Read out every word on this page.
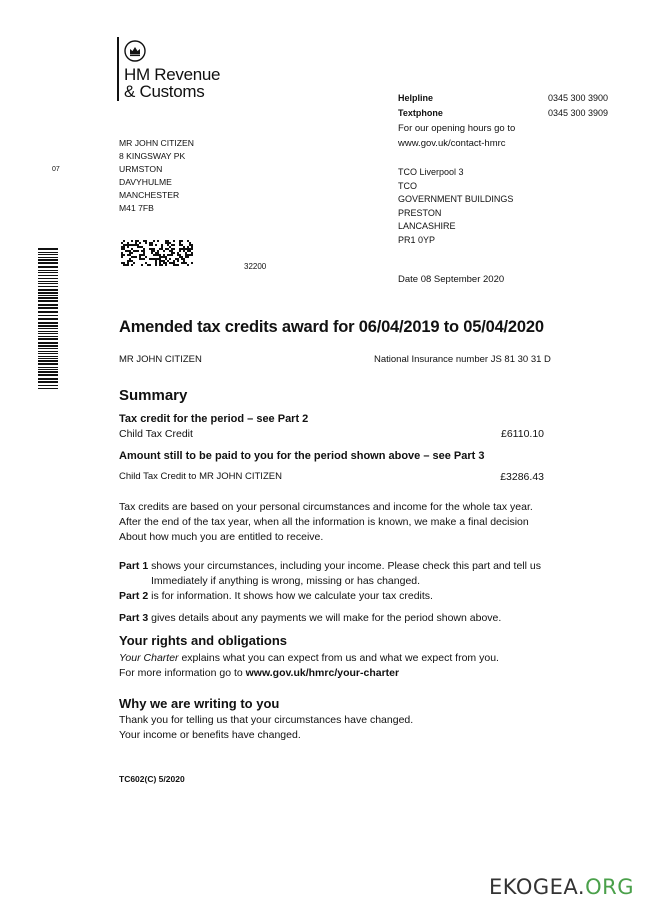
HM Revenue
& Customs
07
MR JOHN CITIZEN
8 KINGSWAY PK
URMSTON
DAVYHULME
MANCHESTER
M41 7FB
32200
Helpline	0345 300 3900
Textphone	0345 300 3909
For our opening hours go to
www.gov.uk/contact-hmrc
TCO Liverpool 3
TCO
GOVERNMENT BUILDINGS
PRESTON
LANCASHIRE
PR1 0YP
Date 08 September 2020
Amended tax credits award for 06/04/2019 to 05/04/2020
MR JOHN CITIZEN	National Insurance number JS 81 30 31 D
Summary
Tax credit for the period – see Part 2
Child Tax Credit	£6110.10
Amount still to be paid to you for the period shown above – see Part 3
Child Tax Credit to MR JOHN CITIZEN	£3286.43
Tax credits are based on your personal circumstances and income for the whole tax year.
After the end of the tax year, when all the information is known, we make a final decision
About how much you are entitled to receive.
Part 1 shows your circumstances, including your income. Please check this part and tell us
Immediately if anything is wrong, missing or has changed.
Part 2 is for information. It shows how we calculate your tax credits.
Part 3 gives details about any payments we will make for the period shown above.
Your rights and obligations
Your Charter explains what you can expect from us and what we expect from you.
For more information go to www.gov.uk/hmrc/your-charter
Why we are writing to you
Thank you for telling us that your circumstances have changed.
Your income or benefits have changed.
TC602(C) 5/2020
EKOGEA.ORG
